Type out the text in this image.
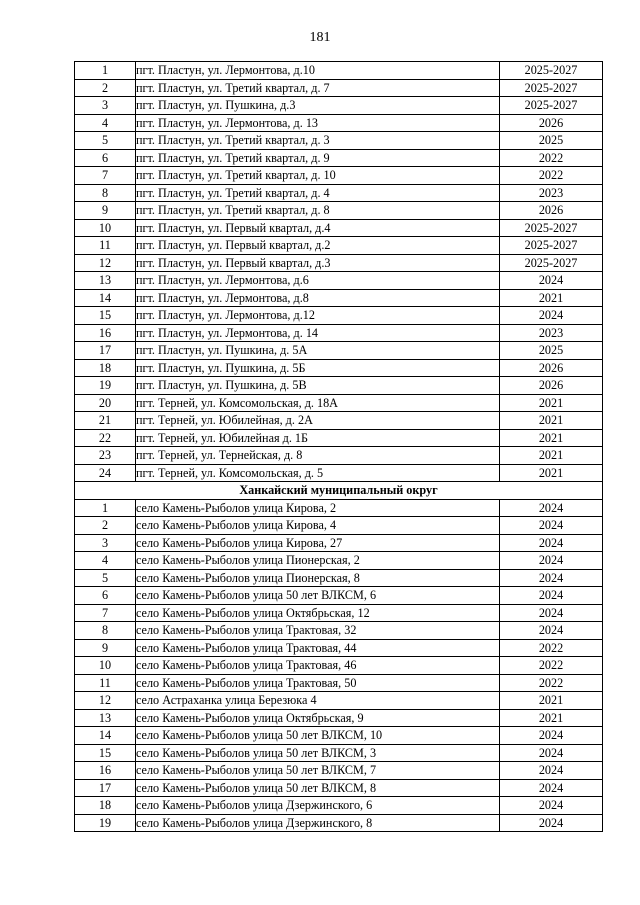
181
1	пгт. Пластун, ул. Лермонтова, д.10	2025-2027
2	пгт. Пластун, ул. Третий квартал, д. 7	2025-2027
3	пгт. Пластун, ул. Пушкина, д.3	2025-2027
4	пгт. Пластун, ул. Лермонтова, д. 13	2026
5	пгт. Пластун, ул. Третий квартал, д. 3	2025
6	пгт. Пластун, ул. Третий квартал, д. 9	2022
7	пгт. Пластун, ул. Третий квартал, д. 10	2022
8	пгт. Пластун, ул. Третий квартал, д. 4	2023
9	пгт. Пластун, ул. Третий квартал, д. 8	2026
10	пгт. Пластун, ул. Первый квартал, д.4	2025-2027
11	пгт. Пластун, ул. Первый квартал, д.2	2025-2027
12	пгт. Пластун, ул. Первый квартал, д.3	2025-2027
13	пгт. Пластун, ул. Лермонтова, д.6	2024
14	пгт. Пластун, ул. Лермонтова, д.8	2021
15	пгт. Пластун, ул. Лермонтова, д.12	2024
16	пгт. Пластун, ул. Лермонтова, д. 14	2023
17	пгт. Пластун, ул. Пушкина, д. 5А	2025
18	пгт. Пластун, ул. Пушкина, д. 5Б	2026
19	пгт. Пластун, ул. Пушкина, д. 5В	2026
20	пгт. Терней, ул. Комсомольская, д. 18А	2021
21	пгт. Терней, ул. Юбилейная, д. 2А	2021
22	пгт. Терней, ул. Юбилейная д. 1Б	2021
23	пгт. Терней, ул. Тернейская, д. 8	2021
24	пгт. Терней, ул. Комсомольская, д. 5	2021
Ханкайский муниципальный округ		
1	село Камень-Рыболов улица Кирова, 2	2024
2	село Камень-Рыболов улица Кирова, 4	2024
3	село Камень-Рыболов улица Кирова, 27	2024
4	село Камень-Рыболов улица Пионерская, 2	2024
5	село Камень-Рыболов улица Пионерская, 8	2024
6	село Камень-Рыболов улица 50 лет ВЛКСМ, 6	2024
7	село Камень-Рыболов улица Октябрьская, 12	2024
8	село Камень-Рыболов улица Трактовая, 32	2024
9	село Камень-Рыболов улица Трактовая, 44	2022
10	село Камень-Рыболов улица Трактовая, 46	2022
11	село Камень-Рыболов улица Трактовая, 50	2022
12	село Астраханка улица Березюка 4	2021
13	село Камень-Рыболов улица Октябрьская, 9	2021
14	село Камень-Рыболов улица 50 лет ВЛКСМ, 10	2024
15	село Камень-Рыболов улица 50 лет ВЛКСМ, 3	2024
16	село Камень-Рыболов улица 50 лет ВЛКСМ, 7	2024
17	село Камень-Рыболов улица 50 лет ВЛКСМ, 8	2024
18	село Камень-Рыболов улица Дзержинского, 6	2024
19	село Камень-Рыболов улица Дзержинского, 8	2024
